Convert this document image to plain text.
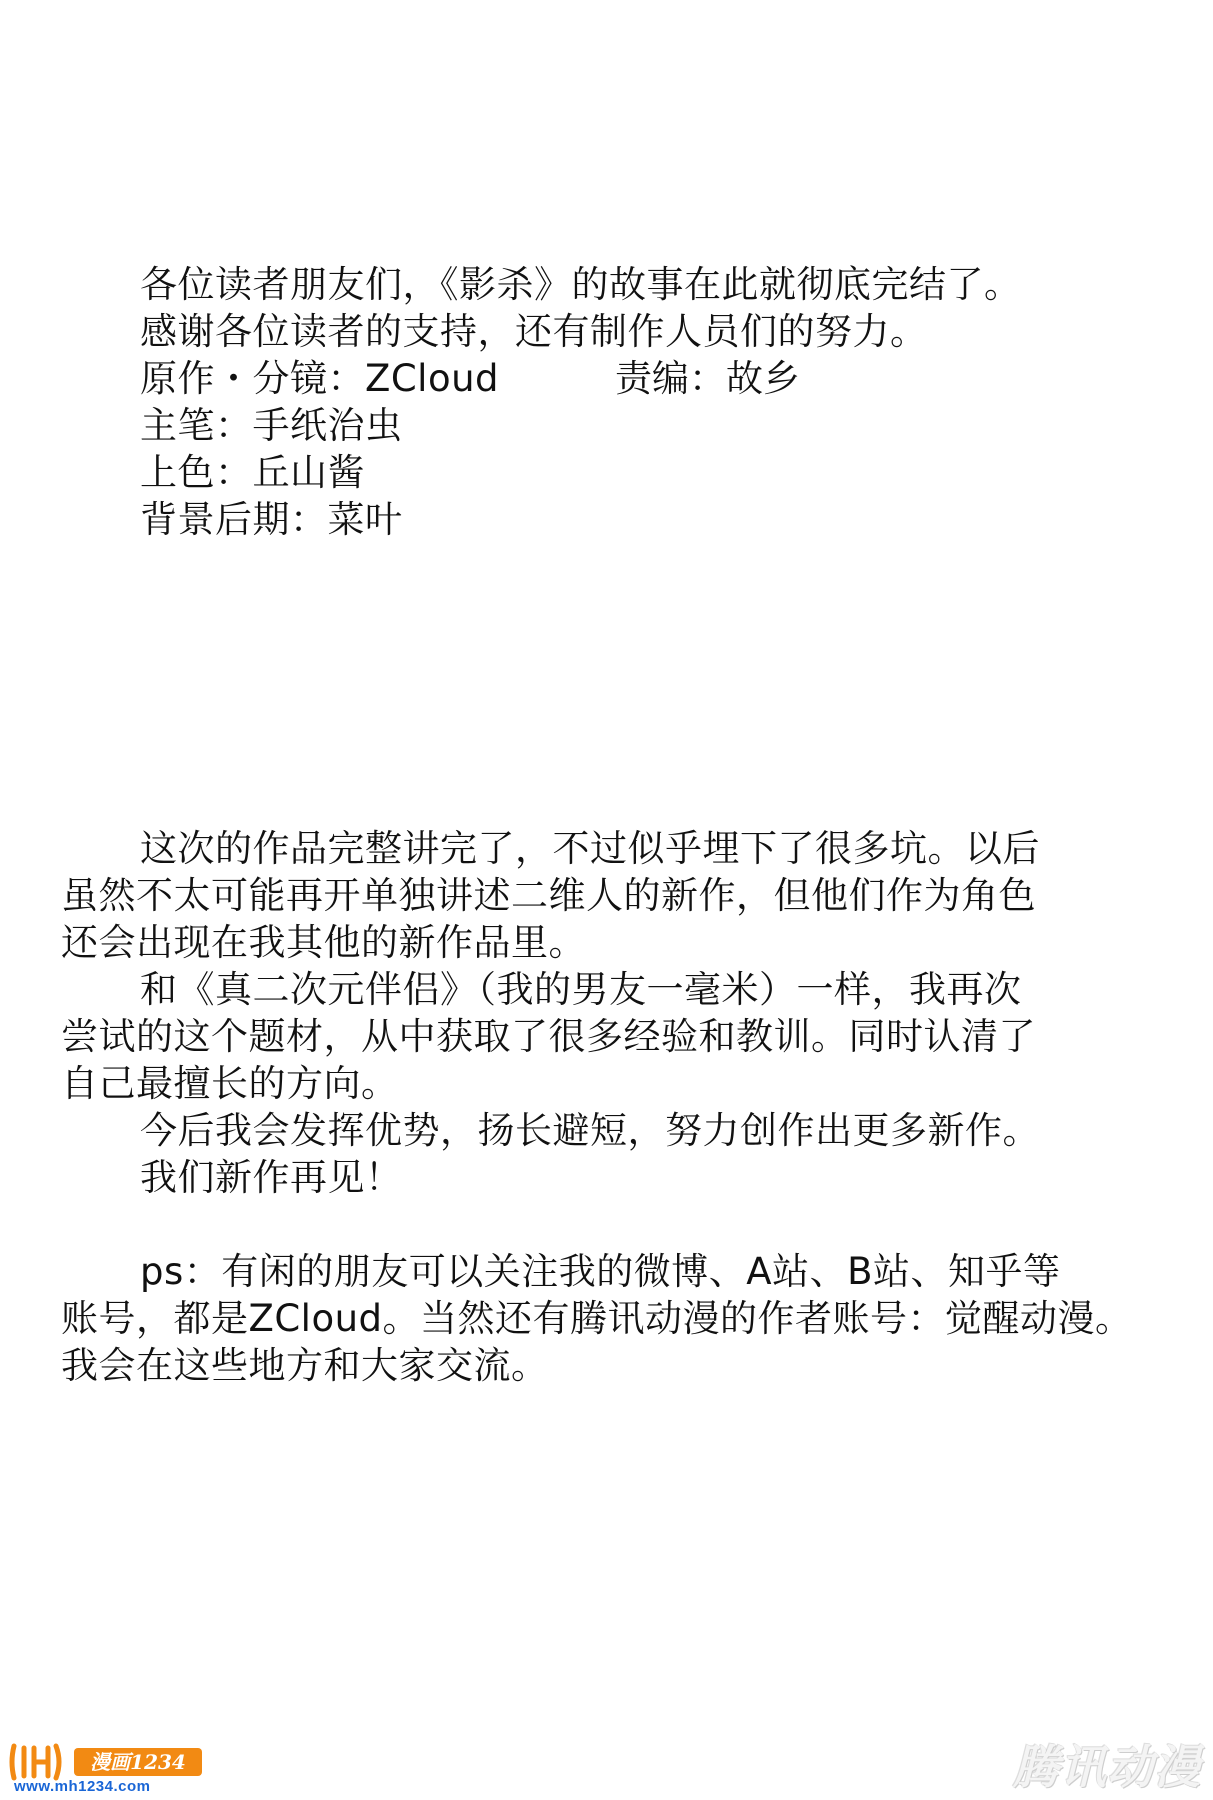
各位读者朋友们，《影杀》的故事在此就彻底完结了。
感谢各位读者的支持，还有制作人员们的努力。
原作・分镜：ZCloud	责编：故乡
主笔：手纸治虫
上色：丘山酱
背景后期：菜叶
这次的作品完整讲完了，不过似乎埋下了很多坑。以后
虽然不太可能再开单独讲述二维人的新作，但他们作为角色
还会出现在我其他的新作品里。
和《真二次元伴侣》（我的男友一毫米）一样，我再次
尝试的这个题材，从中获取了很多经验和教训。同时认清了
自己最擅长的方向。
今后我会发挥优势，扬长避短，努力创作出更多新作。
我们新作再见！
ps：有闲的朋友可以关注我的微博、A站、B站、知乎等
账号，都是ZCloud。当然还有腾讯动漫的作者账号：觉醒动漫。
我会在这些地方和大家交流。
漫画1234
www.mh1234.com	腾讯动漫
